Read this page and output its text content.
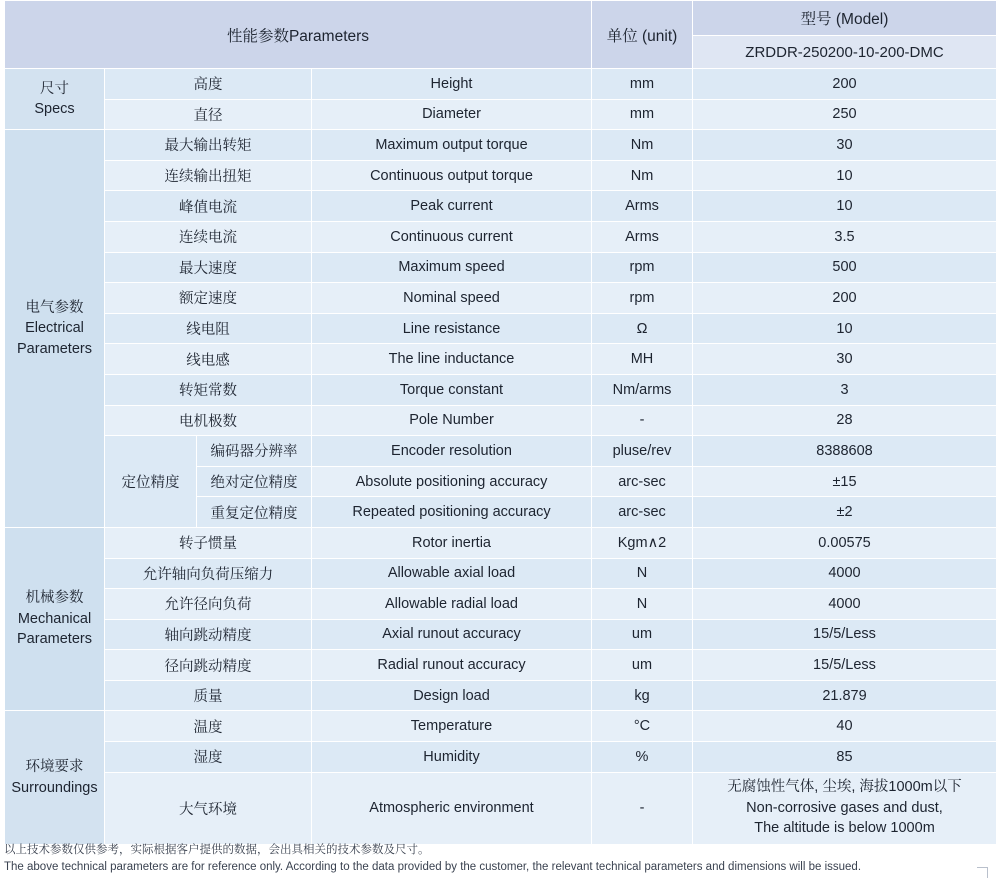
性能参数Parameters				单位 (unit)	型号 (Model)
					ZRDDR-250200-10-200-DMC
尺寸
Specs	高度		Height	mm	200
	直径		Diameter	mm	250
电气参数
Electrical
Parameters	最大输出转矩		Maximum output torque	Nm	30
	连续输出扭矩		Continuous output torque	Nm	10
	峰值电流		Peak current	Arms	10
	连续电流		Continuous current	Arms	3.5
	最大速度		Maximum speed	rpm	500
	额定速度		Nominal speed	rpm	200
	线电阻		Line resistance	Ω	10
	线电感		The line inductance	MH	30
	转矩常数		Torque constant	Nm/arms	3
	电机极数		Pole Number	-	28
	定位精度	编码器分辨率	Encoder resolution	pluse/rev	8388608
		绝对定位精度	Absolute positioning accuracy	arc-sec	±15
		重复定位精度	Repeated positioning accuracy	arc-sec	±2
机械参数
Mechanical
Parameters	转子惯量		Rotor inertia	Kgm∧2	0.00575
	允许轴向负荷压缩力		Allowable axial load	N	4000
	允许径向负荷		Allowable radial load	N	4000
	轴向跳动精度		Axial runout accuracy	um	15/5/Less
	径向跳动精度		Radial runout accuracy	um	15/5/Less
	质量		Design load	kg	21.879
环境要求
Surroundings	温度		Temperature	°C	40
	湿度		Humidity	%	85
	大气环境		Atmospheric environment	-	无腐蚀性气体, 尘埃, 海拔1000m以下
Non-corrosive gases and dust,
The altitude is below 1000m
以上技术参数仅供参考，实际根据客户提供的数据，会出具相关的技术参数及尺寸。
The above technical parameters are for reference only. According to the data provided by the customer, the relevant technical parameters and dimensions will be issued.
